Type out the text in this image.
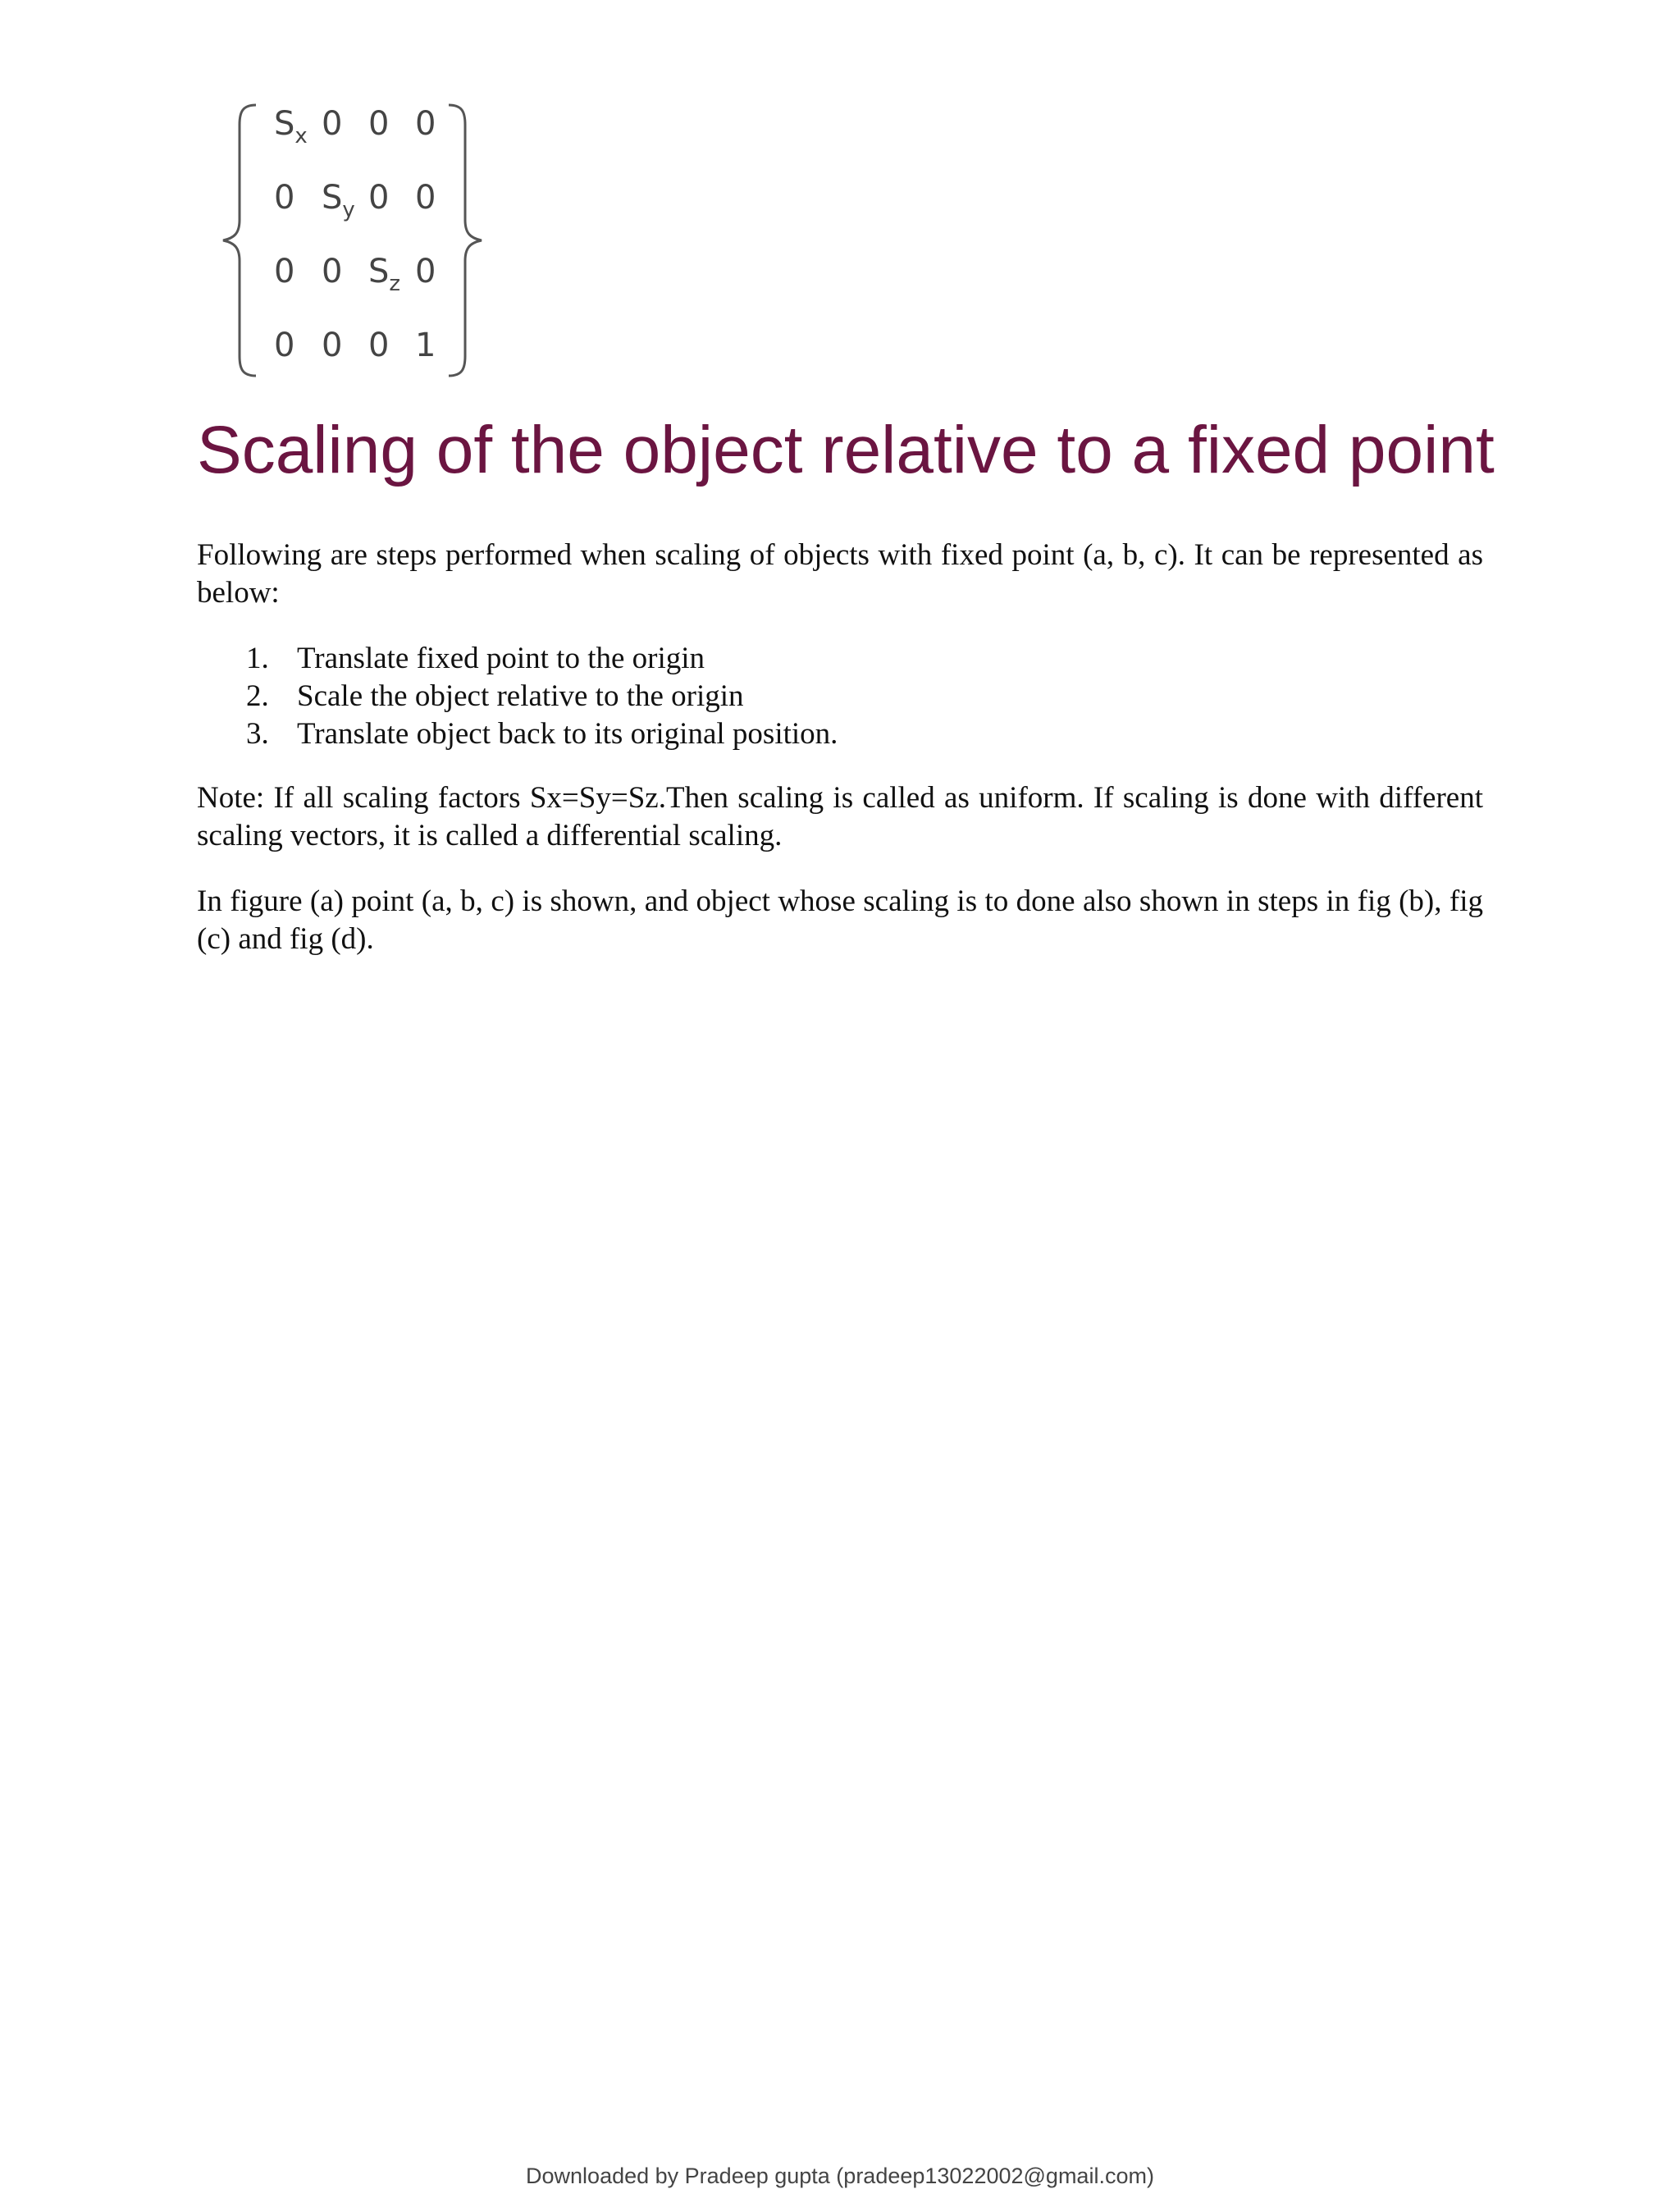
$S_x$ 0 0 0
0 $S_y$ 0 0
0 0 $S_z$ 0
0 0 0 1
Scaling of the object relative to a fixed point

Following are steps performed when scaling of objects with fixed point (a, b, c). It can be represented as below:

1. Translate fixed point to the origin
2. Scale the object relative to the origin
3. Translate object back to its original position.

Note: If all scaling factors Sx=Sy=Sz.Then scaling is called as uniform. If scaling is done with different scaling vectors, it is called a differential scaling.

In figure (a) point (a, b, c) is shown, and object whose scaling is to done also shown in steps in fig (b), fig (c) and fig (d).

Downloaded by Pradeep gupta (pradeep13022002@gmail.com)
